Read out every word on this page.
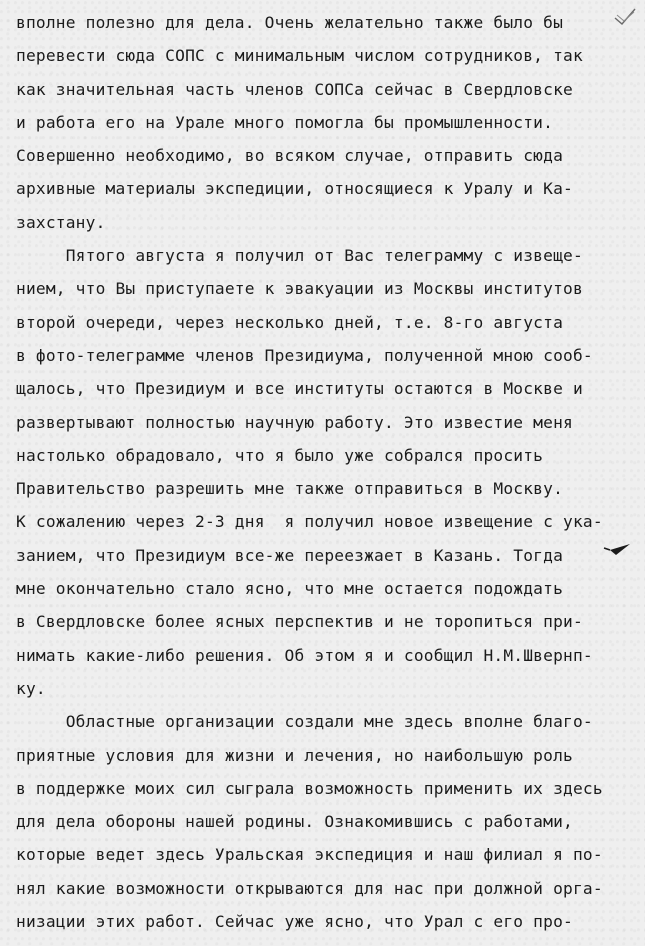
вполне полезно для дела. Очень желательно также было бы
перевести сюда СОПС с минимальным числом сотрудников, так
как значительная часть членов СОПСа сейчас в Свердловске
и работа его на Урале много помогла бы промышленности.
Совершенно необходимо, во всяком случае, отправить сюда
архивные материалы экспедиции, относящиеся к Уралу и Ка-
захстану.
Пятого августа я получил от Вас телеграмму с извеще-
нием, что Вы приступаете к эвакуации из Москвы институтов
второй очереди, через несколько дней, т.е. 8-го августа
в фото-телеграмме членов Президиума, полученной мною сооб-
щалось, что Президиум и все институты остаются в Москве и
развертывают полностью научную работу. Это известие меня
настолько обрадовало, что я было уже собрался просить
Правительство разрешить мне также отправиться в Москву.
К сожалению через 2-3 дня  я получил новое извещение с ука-
занием, что Президиум все-же переезжает в Казань. Тогда
мне окончательно стало ясно, что мне остается подождать
в Свердловске более ясных перспектив и не торопиться при-
нимать какие-либо решения. Об этом я и сообщил Н.М.Швернп-
ку.
Областные организации создали мне здесь вполне благо-
приятные условия для жизни и лечения, но наибольшую роль
в поддержке моих сил сыграла возможность применить их здесь
для дела обороны нашей родины. Ознакомившись с работами,
которые ведет здесь Уральская экспедиция и наш филиал я по-
нял какие возможности открываются для нас при должной орга-
низации этих работ. Сейчас уже ясно, что Урал с его про-
